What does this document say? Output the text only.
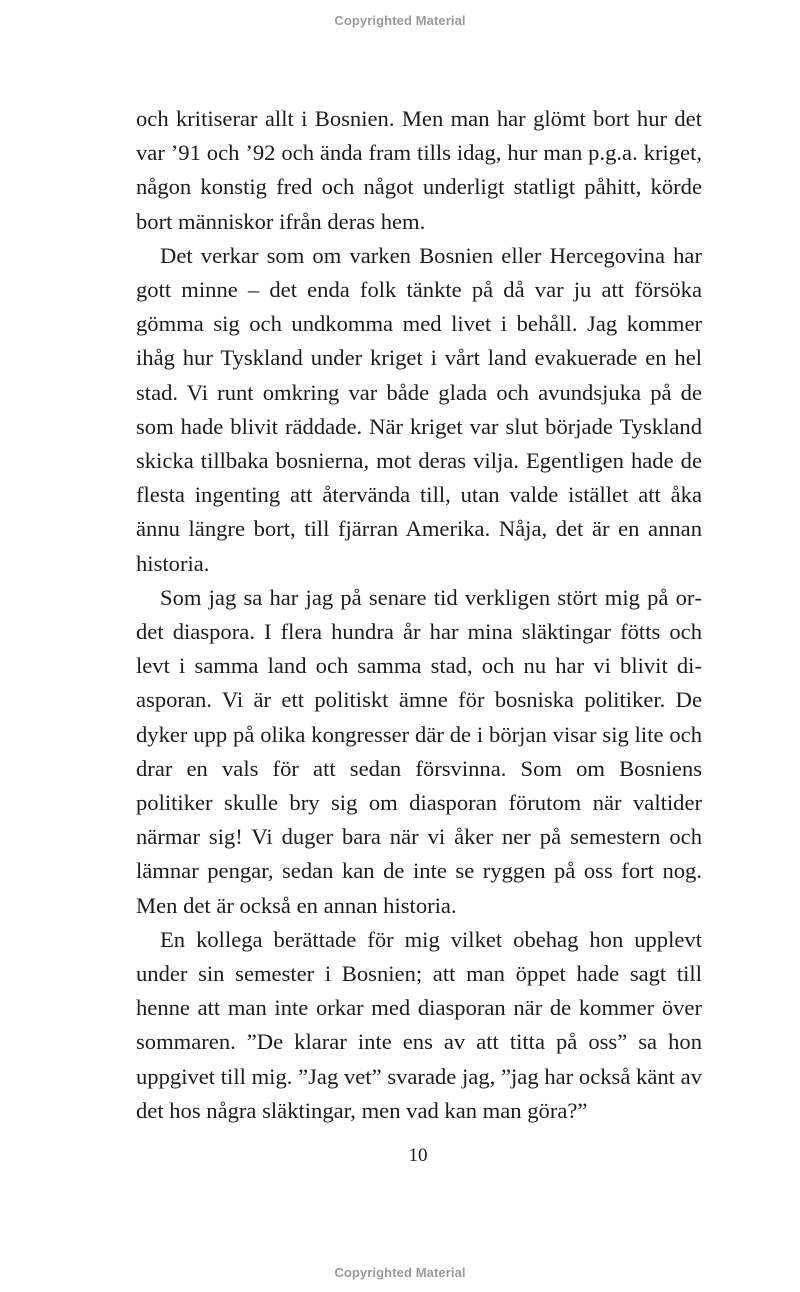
Copyrighted Material

och kritiserar allt i Bosnien. Men man har glömt bort hur det var ’91 och ’92 och ända fram tills idag, hur man p.g.a. kriget, någon konstig fred och något underligt statligt påhitt, körde bort människor ifrån deras hem.

Det verkar som om varken Bosnien eller Hercegovina har gott minne – det enda folk tänkte på då var ju att försöka gömma sig och undkomma med livet i behåll. Jag kommer ihåg hur Tyskland under kriget i vårt land evakuerade en hel stad. Vi runt omkring var både glada och avundsjuka på de som hade blivit räddade. När kriget var slut började Tyskland skicka tillbaka bosnierna, mot deras vilja. Egentligen hade de flesta ingenting att återvända till, utan valde istället att åka ännu längre bort, till fjärran Amerika. Nåja, det är en annan historia.

Som jag sa har jag på senare tid verkligen stört mig på ordet diaspora. I flera hundra år har mina släktingar fötts och levt i samma land och samma stad, och nu har vi blivit diasporan. Vi är ett politiskt ämne för bosniska politiker. De dyker upp på olika kongresser där de i början visar sig lite och drar en vals för att sedan försvinna. Som om Bosniens politiker skulle bry sig om diasporan förutom när valtider närmar sig! Vi duger bara när vi åker ner på semestern och lämnar pengar, sedan kan de inte se ryggen på oss fort nog. Men det är också en annan historia.

En kollega berättade för mig vilket obehag hon upplevt under sin semester i Bosnien; att man öppet hade sagt till henne att man inte orkar med diasporan när de kommer över sommaren. ”De klarar inte ens av att titta på oss” sa hon uppgivet till mig. ”Jag vet” svarade jag, ”jag har också känt av det hos några släktingar, men vad kan man göra?”

10
Copyrighted Material
